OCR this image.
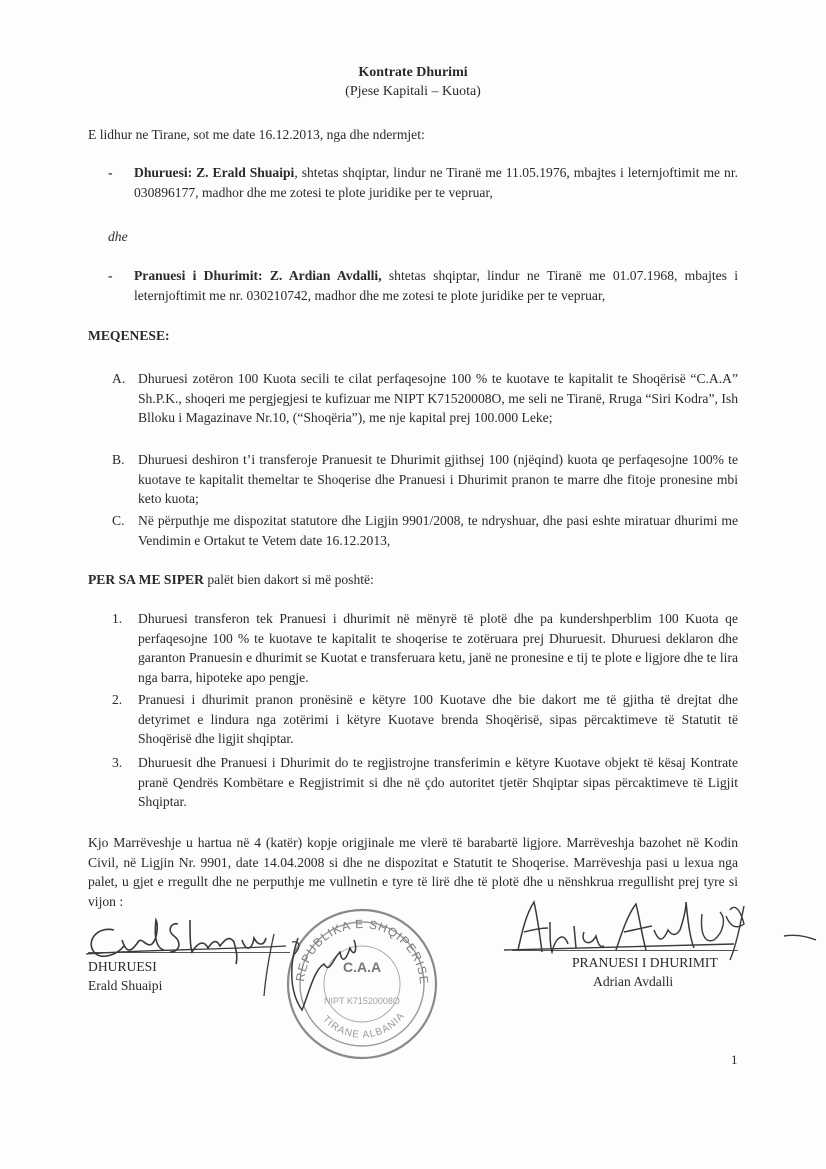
Kontrate Dhurimi
(Pjese Kapitali – Kuota)
E lidhur ne Tirane, sot me date 16.12.2013, nga dhe ndermjet:
- Dhuruesi: Z. Erald Shuaipi, shtetas shqiptar, lindur ne Tiranë me 11.05.1976, mbajtes i leternjoftimit me nr. 030896177, madhor dhe me zotesi te plote juridike per te vepruar,
dhe
- Pranuesi i Dhurimit: Z. Ardian Avdalli, shtetas shqiptar, lindur ne Tiranë me 01.07.1968, mbajtes i leternjoftimit me nr. 030210742, madhor dhe me zotesi te plote juridike per te vepruar,
MEQENESE:
A. Dhuruesi zotëron 100 Kuota secili te cilat perfaqesojne 100 % te kuotave te kapitalit te Shoqërisë “C.A.A” Sh.P.K., shoqeri me pergjegjesi te kufizuar me NIPT K71520008O, me seli ne Tiranë, Rruga “Siri Kodra”, Ish Blloku i Magazinave Nr.10, (“Shoqëria”), me nje kapital prej 100.000 Leke;
B. Dhuruesi deshiron t’i transferoje Pranuesit te Dhurimit gjithsej 100 (njëqind) kuota qe perfaqesojne 100% te kuotave te kapitalit themeltar te Shoqerise dhe Pranuesi i Dhurimit pranon te marre dhe fitoje pronesine mbi keto kuota;
C. Në përputhje me dispozitat statutore dhe Ligjin 9901/2008, te ndryshuar, dhe pasi eshte miratuar dhurimi me Vendimin e Ortakut te Vetem date 16.12.2013,
PER SA ME SIPER palët bien dakort si më poshtë:
1. Dhuruesi transferon tek Pranuesi i dhurimit në mënyrë të plotë dhe pa kundershperblim 100 Kuota qe perfaqesojne 100 % te kuotave te kapitalit te shoqerise te zotëruara prej Dhuruesit. Dhuruesi deklaron dhe garanton Pranuesin e dhurimit se Kuotat e transferuara ketu, janë ne pronesine e tij te plote e ligjore dhe te lira nga barra, hipoteke apo pengje.
2. Pranuesi i dhurimit pranon pronësinë e këtyre 100 Kuotave dhe bie dakort me të gjitha të drejtat dhe detyrimet e lindura nga zotërimi i këtyre Kuotave brenda Shoqërisë, sipas përcaktimeve të Statutit të Shoqërisë dhe ligjit shqiptar.
3. Dhuruesit dhe Pranuesi i Dhurimit do te regjistrojne transferimin e këtyre Kuotave objekt të kësaj Kontrate pranë Qendrës Kombëtare e Regjistrimit si dhe në çdo autoritet tjetër Shqiptar sipas përcaktimeve të Ligjit Shqiptar.
Kjo Marrëveshje u hartua në 4 (katër) kopje origjinale me vlerë të barabartë ligjore. Marrëveshja bazohet në Kodin Civil, në Ligjin Nr. 9901, date 14.04.2008 si dhe ne dispozitat e Statutit te Shoqerise. Marrëveshja pasi u lexua nga palet, u gjet e rregullt dhe ne perputhje me vullnetin e tyre të lirë dhe të plotë dhe u nënshkrua rregullisht prej tyre si vijon :
DHURUESI
Erald Shuaipi
PRANUESI I DHURIMIT
Adrian Avdalli
REPUBLIKA E SHQIPERISE
C.A.A
NIPT K71520008O
TIRANE ALBANIA
1
